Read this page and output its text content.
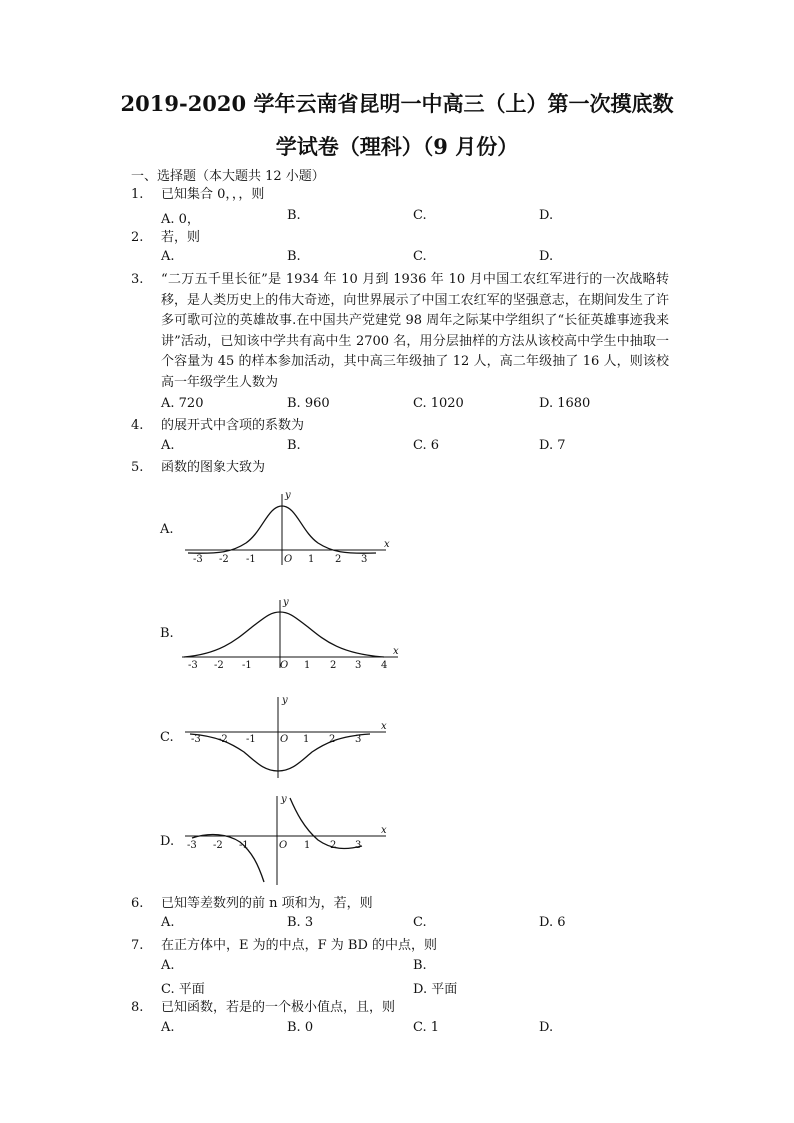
2019-2020 学年云南省昆明一中高三（上）第一次摸底数
学试卷（理科）（9 月份）
一、选择题（本大题共 12 小题）
1. 已知集合 0，，，则
A. 0，	B.	C.	D.
2. 若，则
A.	B.	C.	D.
3. “二万五千里长征”是 1934 年 10 月到 1936 年 10 月中国工农红军进行的一次战略转移，是人类历史上的伟大奇迹，向世界展示了中国工农红军的坚强意志，在期间发生了许多可歌可泣的英雄故事.在中国共产党建党 98 周年之际某中学组织了“长征英雄事迹我来讲”活动，已知该中学共有高中生 2700 名，用分层抽样的方法从该校高中学生中抽取一个容量为 45 的样本参加活动，其中高三年级抽了 12 人，高二年级抽了 16 人，则该校高一年级学生人数为
A. 720	B. 960	C. 1020	D. 1680
4. 的展开式中含项的系数为
A.	B.	C. 6	D. 7
5. 函数的图象大致为
A.
B.
C.
D.
x
y
O
-3 -2 -1	1 2 3
x
y
O
-3 -2 -1	1 2 3 4
x
y
O
-3 -2 -1	1 2 3
x
y
O
-3 -2 -1	1 2 3
6. 已知等差数列的前 n 项和为，若，则
A.	B. 3	C.	D. 6
7. 在正方体中，E 为的中点，F 为 BD 的中点，则
A.	B.
C. 平面	D. 平面
8. 已知函数，若是的一个极小值点，且，则
A.	B. 0	C. 1	D.
